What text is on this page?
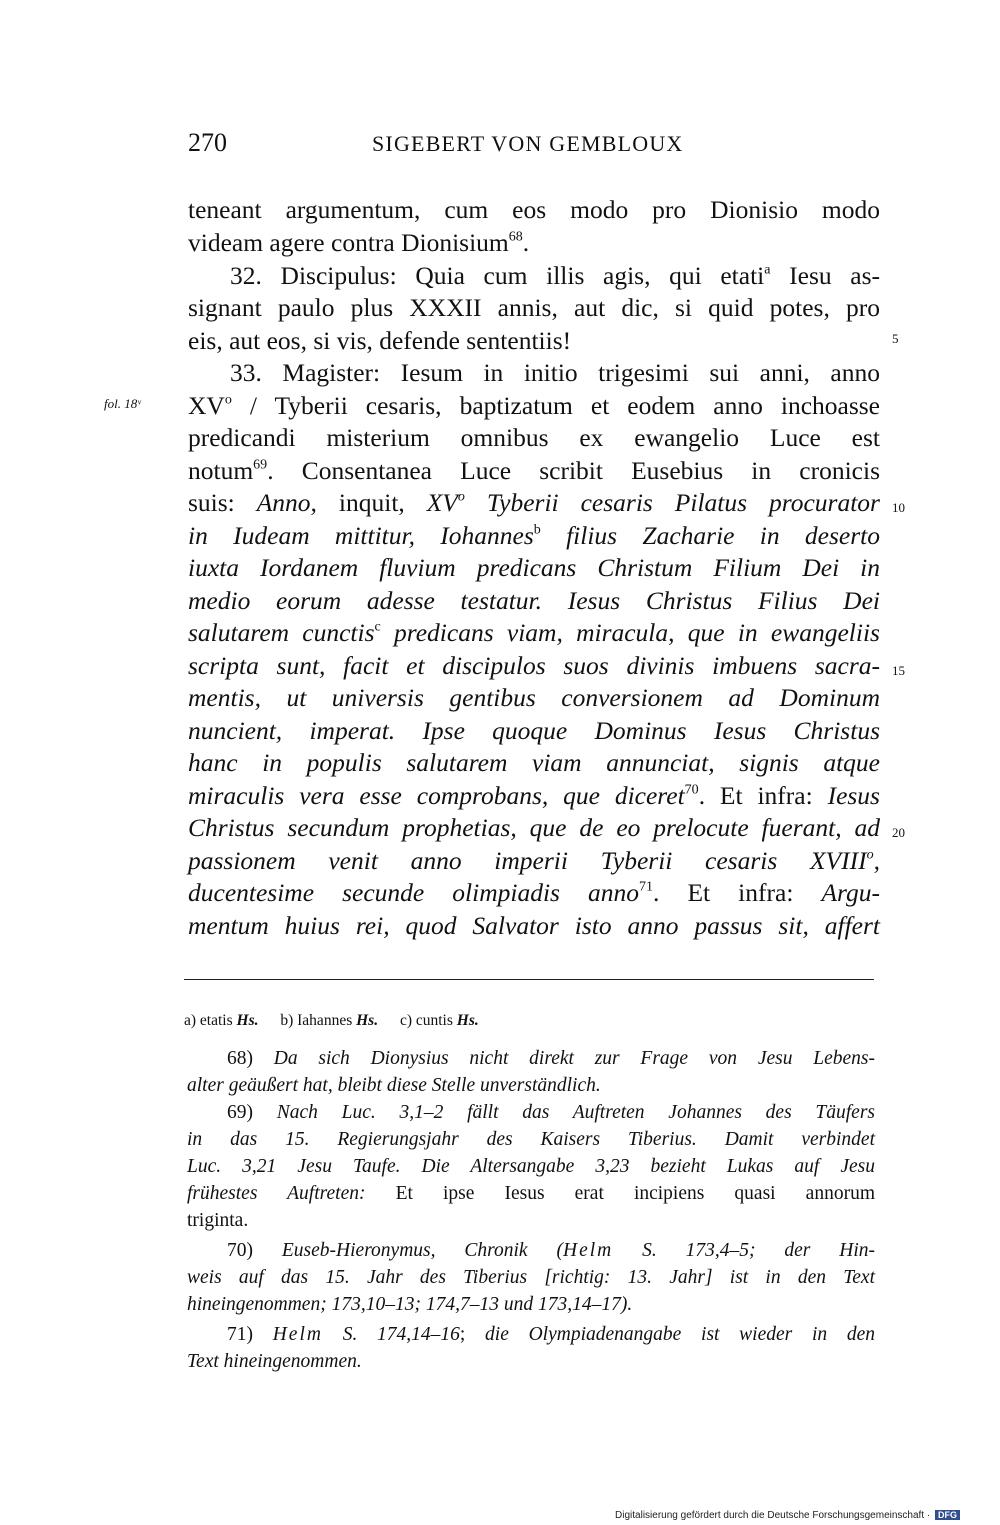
270	SIGEBERT VON GEMBLOUX
fol. 18ᵛ
teneant argumentum, cum eos modo pro Dionisio modo
videam agere contra Dionisium$^{68}$.
32. Discipulus: Quia cum illis agis, qui etati$^a$ Iesu as-
signant paulo plus XXXII annis, aut dic, si quid potes, pro
eis, aut eos, si vis, defende sententiis!
33. Magister: Iesum in initio trigesimi sui anni, anno
$XV^o$ / Tyberii cesaris, baptizatum et eodem anno inchoasse
predicandi misterium omnibus ex ewangelio Luce est
notum$^{69}$. Consentanea Luce scribit Eusebius in cronicis
suis: Anno, inquit, $XV^o$ Tyberii cesaris Pilatus procurator
in Iudeam mittitur, Iohannes$^b$ filius Zacharie in deserto
iuxta Iordanem fluvium predicans Christum Filium Dei in
medio eorum adesse testatur. Iesus Christus Filius Dei
salutarem cunctis$^c$ predicans viam, miracula, que in ewangeliis
scripta sunt, facit et discipulos suos divinis imbuens sacra-
mentis, ut universis gentibus conversionem ad Dominum
nuncient, imperat. Ipse quoque Dominus Iesus Christus
hanc in populis salutarem viam annunciat, signis atque
miraculis vera esse comprobans, que diceret$^{70}$. Et infra: Iesus
Christus secundum prophetias, que de eo prelocute fuerant, ad
passionem venit anno imperii Tyberii cesaris XVIII$^o$,
ducentesime secunde olimpiadis anno$^{71}$. Et infra: Argu-
mentum huius rei, quod Salvator isto anno passus sit, affert
5
10
15
20
a) etatis Hs. b) Iahannes Hs. c) cuntis Hs.
68) Da sich Dionysius nicht direkt zur Frage von Jesu Lebens-
alter geäußert hat, bleibt diese Stelle unverständlich.
69) Nach Luc. 3,1–2 fällt das Auftreten Johannes des Täufers
in das 15. Regierungsjahr des Kaisers Tiberius. Damit verbindet
Luc. 3,21 Jesu Taufe. Die Altersangabe 3,23 bezieht Lukas auf Jesu
frühestes Auftreten: Et ipse Iesus erat incipiens quasi annorum
triginta.
70) Euseb-Hieronymus, Chronik (Helm S. 173,4–5; der Hin-
weis auf das 15. Jahr des Tiberius [richtig: 13. Jahr] ist in den Text
hineingenommen; 173,10–13; 174,7–13 und 173,14–17).
71) Helm S. 174,14–16; die Olympiadenangabe ist wieder in den
Text hineingenommen.
Digitalisierung gefördert durch die Deutsche Forschungsgemeinschaft · DFG
